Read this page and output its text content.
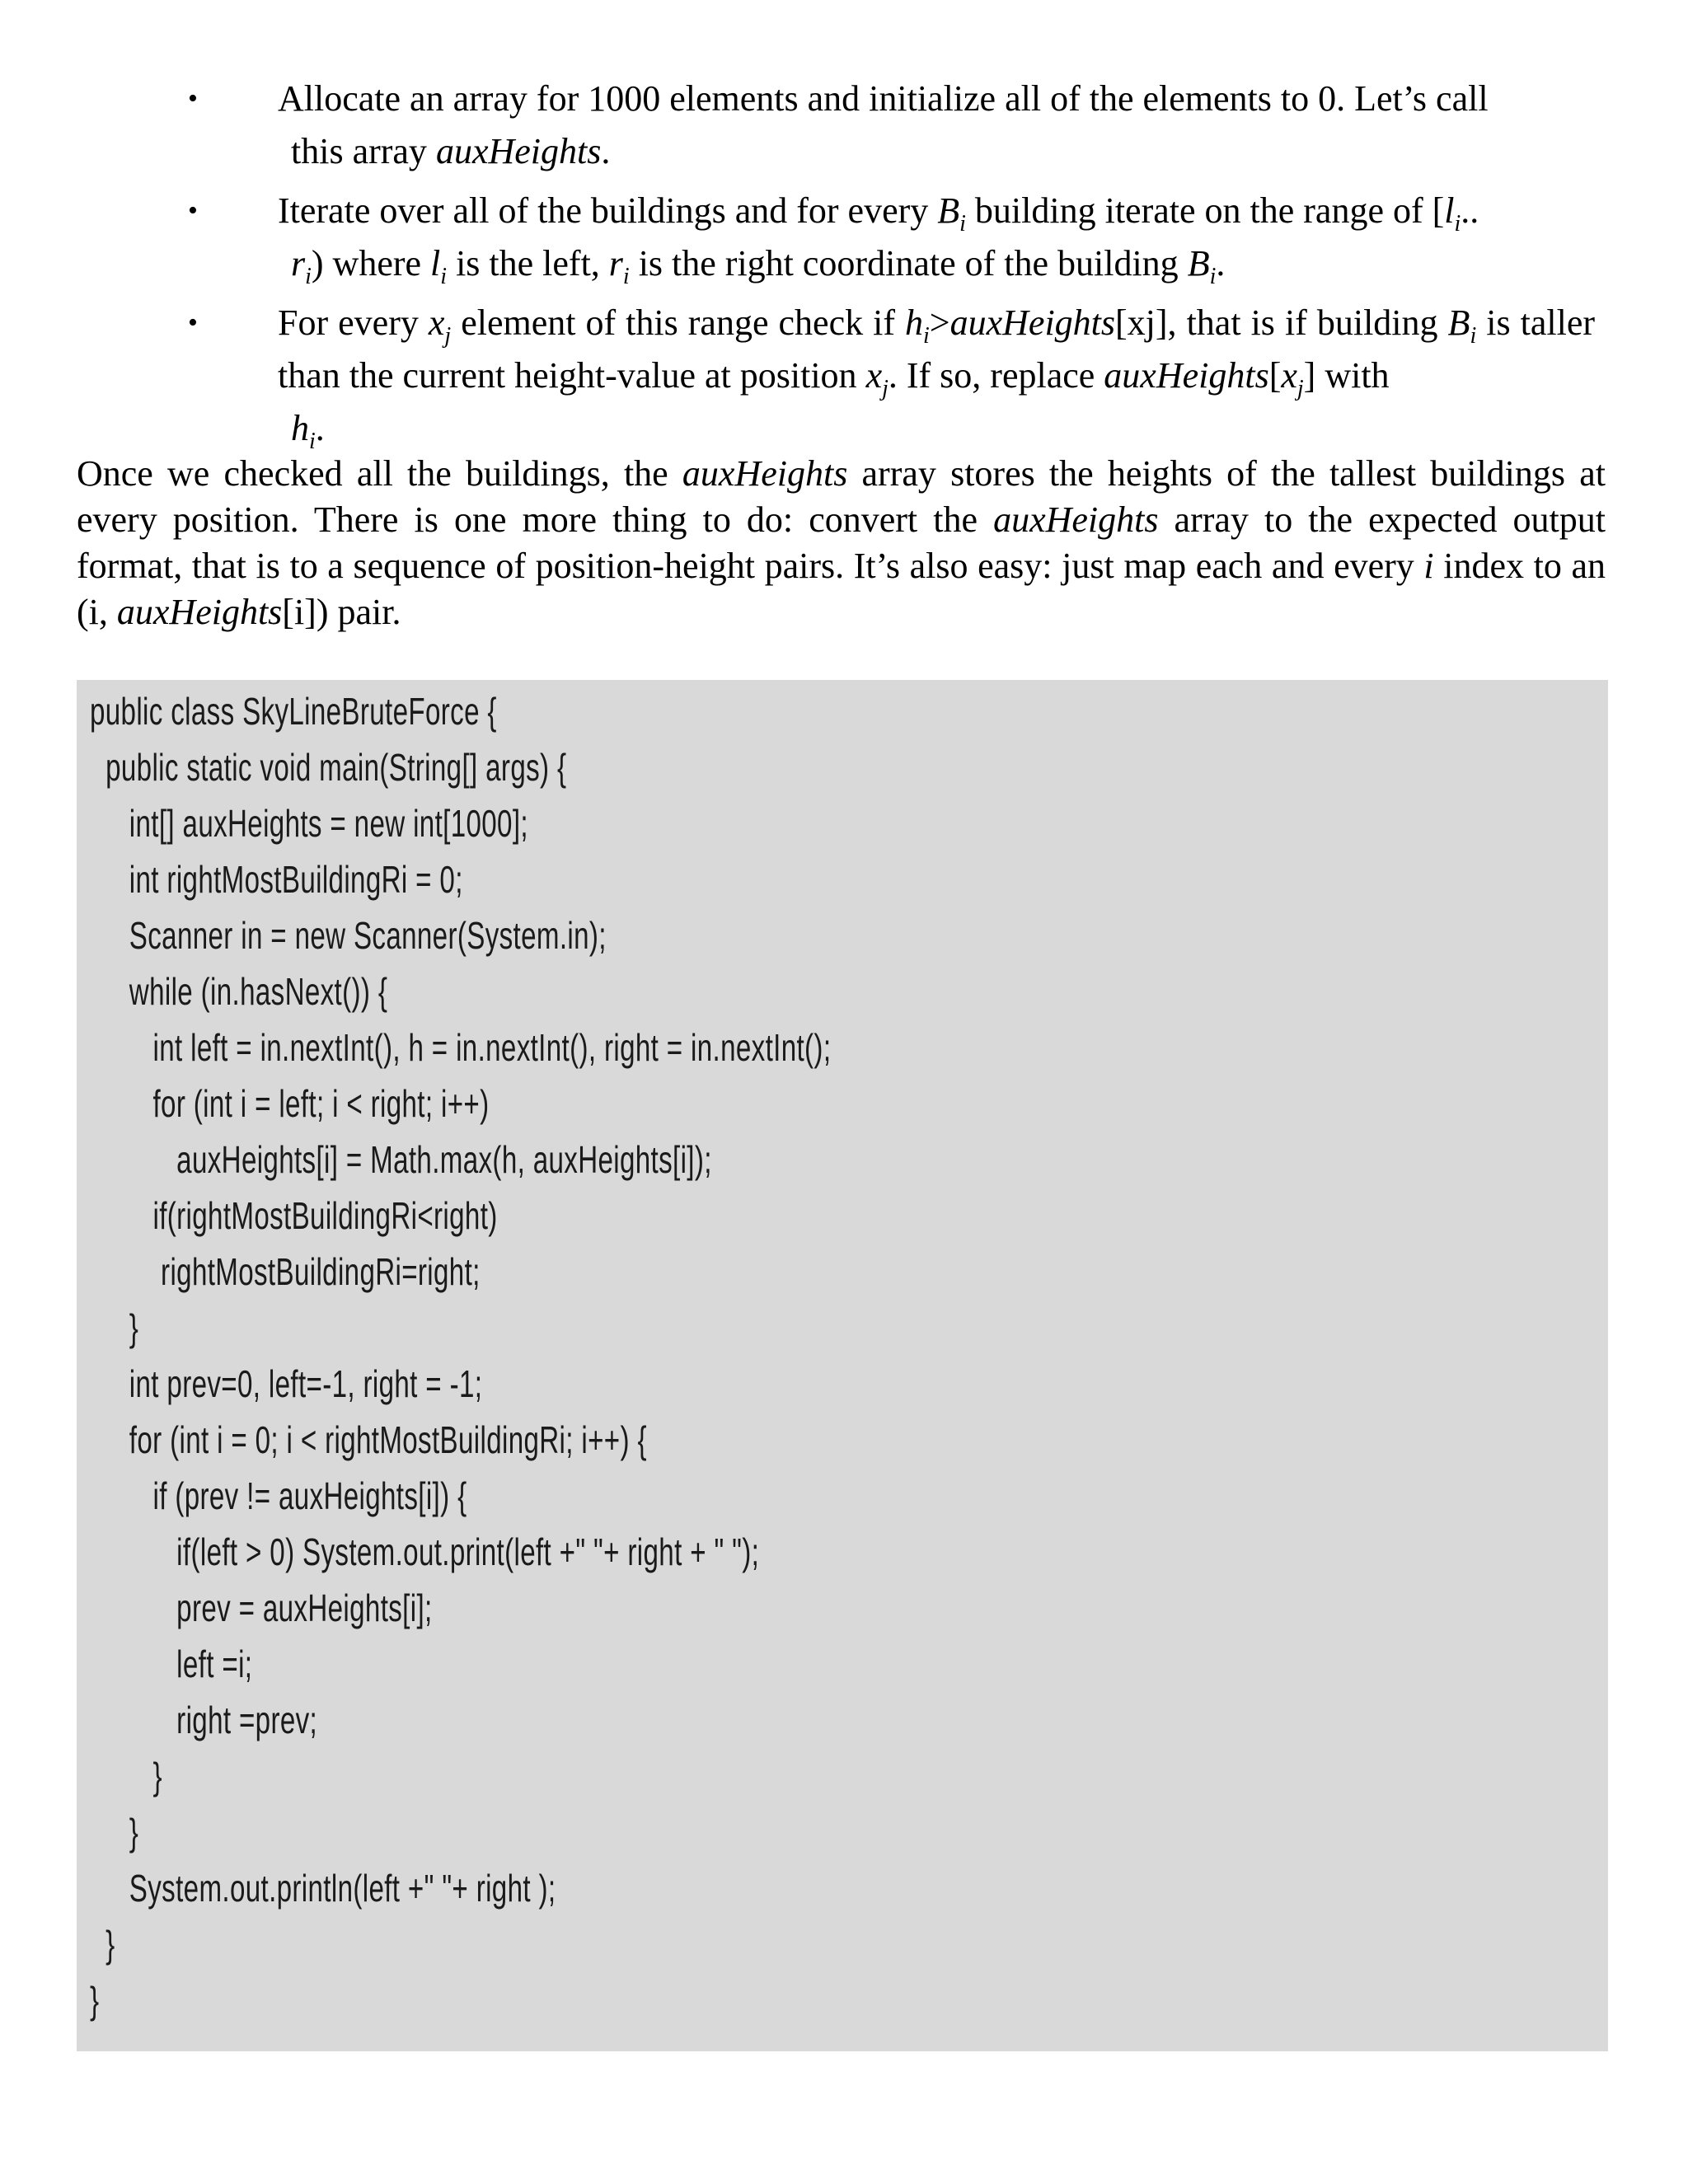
• Allocate an array for 1000 elements and initialize all of the elements to 0. Let’s call

this array auxHeights.
• Iterate over all of the buildings and for every $B_i$ building iterate on the range of [$l_i$..

$r_i$) where $l_i$ is the left, $r_i$ is the right coordinate of the building $B_i$.
• For every $x_j$ element of this range check if $h_i>auxHeights[xj]$, that is if building $B_i$ is taller than the current height-value at position $x_j$. If so, replace $auxHeights[x_j]$ with

$h_i$.

Once we checked all the buildings, the auxHeights array stores the heights of the tallest buildings at every position. There is one more thing to do: convert the auxHeights array to the expected output format, that is to a sequence of position-height pairs. It’s also easy: just map each and every i index to an (i, auxHeights[i]) pair.

public class SkyLineBruteForce {
public static void main(String[] args) {
int[] auxHeights = new int[1000];
int rightMostBuildingRi = 0;
Scanner in = new Scanner(System.in);
while (in.hasNext()) {
int left = in.nextInt(), h = in.nextInt(), right = in.nextInt();
for (int i = left; i < right; i++)
auxHeights[i] = Math.max(h, auxHeights[i]);
if(rightMostBuildingRi<right)
rightMostBuildingRi=right;
}
int prev=0, left=-1, right = -1;
for (int i = 0; i < rightMostBuildingRi; i++) {
if (prev != auxHeights[i]) {
if(left > 0) System.out.print(left +" "+ right + " ");
prev = auxHeights[i];
left =i;
right =prev;
}
}
System.out.println(left +" "+ right );
}
}
